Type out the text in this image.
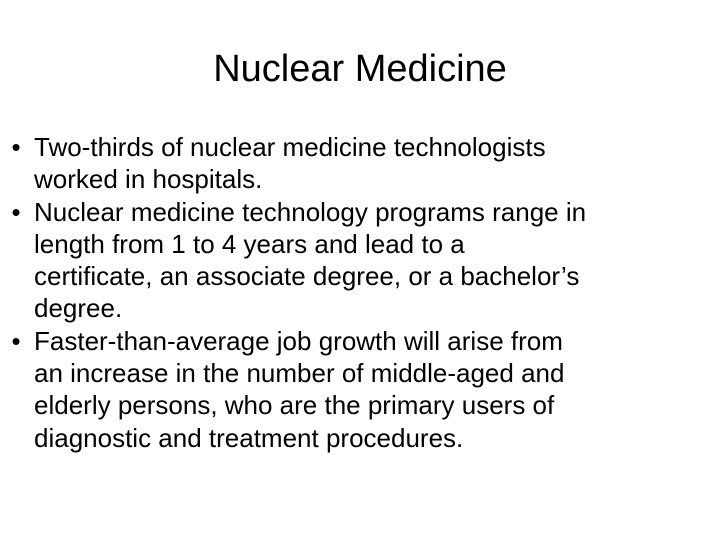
Nuclear Medicine
• Two-thirds of nuclear medicine technologists
worked in hospitals.
• Nuclear medicine technology programs range in
length from 1 to 4 years and lead to a
certificate, an associate degree, or a bachelor’s
degree.
• Faster-than-average job growth will arise from
an increase in the number of middle-aged and
elderly persons, who are the primary users of
diagnostic and treatment procedures.
